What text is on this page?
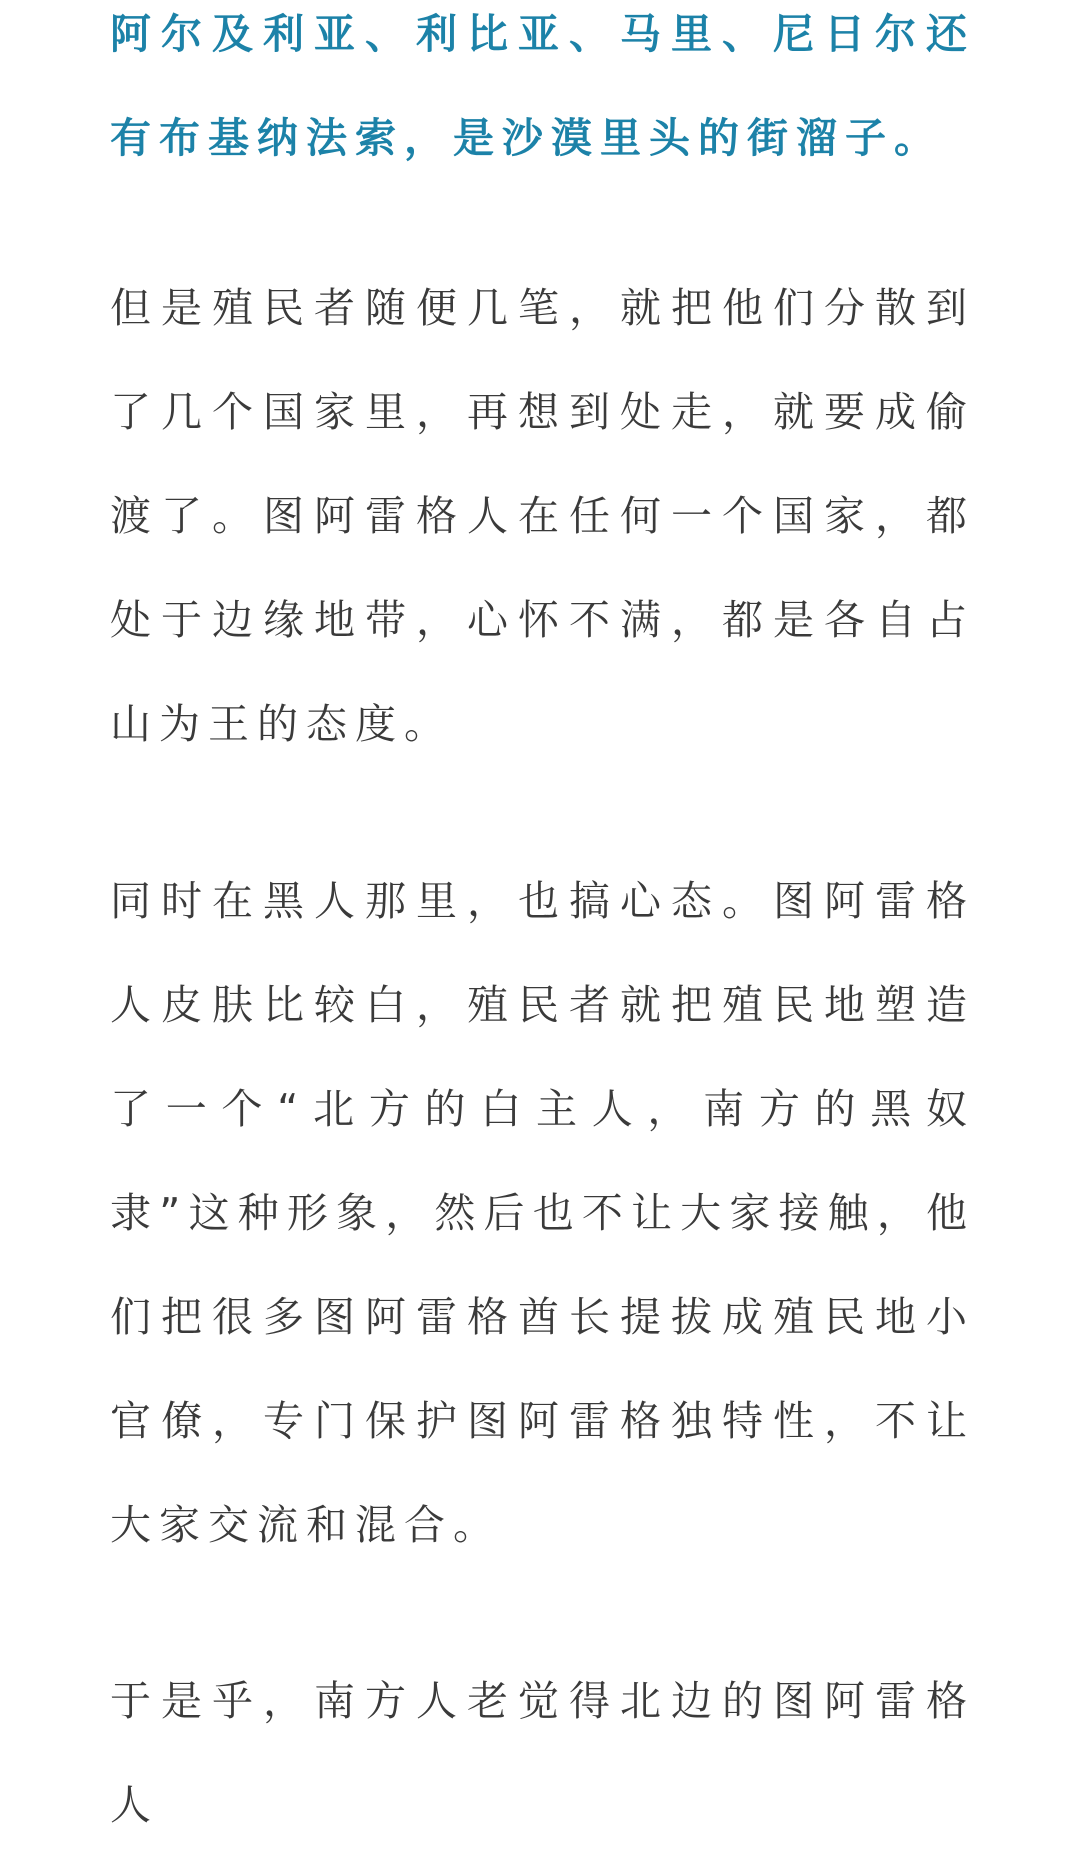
阿尔及利亚、利比亚、马里、尼日尔还有布基纳法索，是沙漠里头的街溜子。

但是殖民者随便几笔，就把他们分散到了几个国家里，再想到处走，就要成偷渡了。图阿雷格人在任何一个国家，都处于边缘地带，心怀不满，都是各自占山为王的态度。

同时在黑人那里，也搞心态。图阿雷格人皮肤比较白，殖民者就把殖民地塑造了一个“北方的白主人，南方的黑奴隶”这种形象，然后也不让大家接触，他们把很多图阿雷格酋长提拔成殖民地小官僚，专门保护图阿雷格独特性，不让大家交流和混合。

于是乎，南方人老觉得北边的图阿雷格人
